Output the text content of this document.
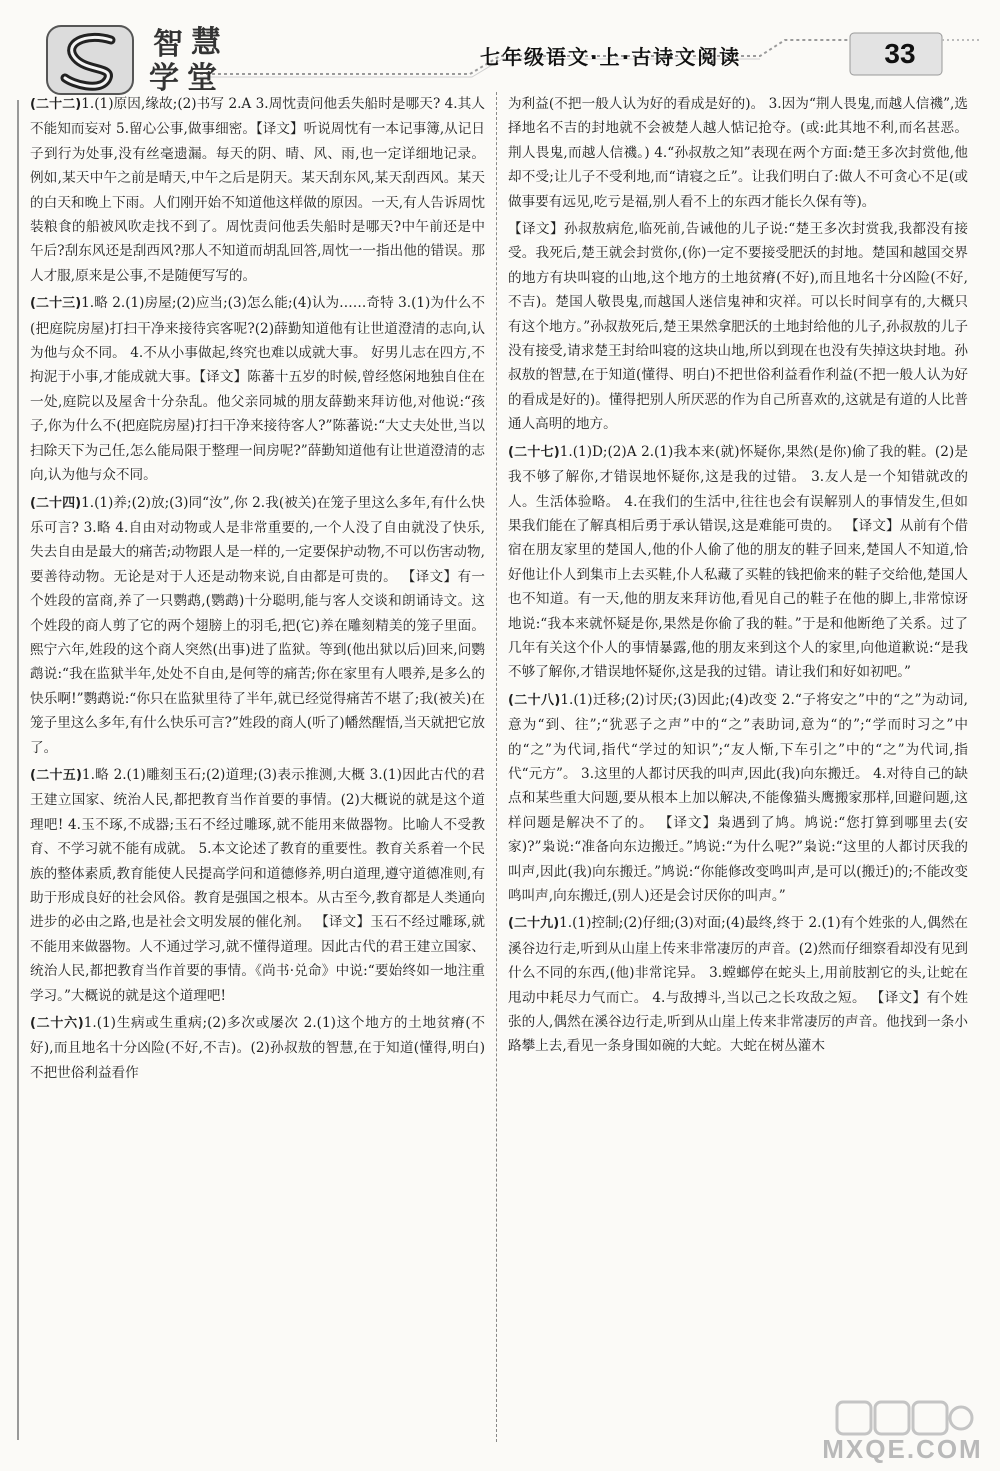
智 慧
学 堂
七年级语文·上·古诗文阅读	33

(二十二)1.(1)原因,缘故;(2)书写 2.A 3.周忱责问他丢失船时是哪天? 4.其人不能知而妄对 5.留心公事,做事细密。【译文】听说周忱有一本记事簿,从记日子到行为处事,没有丝毫遗漏。每天的阴、晴、风、雨,也一定详细地记录。例如,某天中午之前是晴天,中午之后是阴天。某天刮东风,某天刮西风。某天的白天和晚上下雨。人们刚开始不知道他这样做的原因。一天,有人告诉周忱装粮食的船被风吹走找不到了。周忱责问他丢失船时是哪天?中午前还是中午后?刮东风还是刮西风?那人不知道而胡乱回答,周忱一一指出他的错误。那人才服,原来是公事,不是随便写写的。

(二十三)1.略 2.(1)房屋;(2)应当;(3)怎么能;(4)认为……奇特 3.(1)为什么不(把庭院房屋)打扫干净来接待宾客呢?(2)薛勤知道他有让世道澄清的志向,认为他与众不同。 4.不从小事做起,终究也难以成就大事。 好男儿志在四方,不拘泥于小事,才能成就大事。【译文】陈蕃十五岁的时候,曾经悠闲地独自住在一处,庭院以及屋舍十分杂乱。他父亲同城的朋友薛勤来拜访他,对他说:“孩子,你为什么不(把庭院房屋)打扫干净来接待客人?”陈蕃说:“大丈夫处世,当以扫除天下为己任,怎么能局限于整理一间房呢?”薛勤知道他有让世道澄清的志向,认为他与众不同。

(二十四)1.(1)养;(2)放;(3)同“汝”,你 2.我(被关)在笼子里这么多年,有什么快乐可言? 3.略 4.自由对动物或人是非常重要的,一个人没了自由就没了快乐,失去自由是最大的痛苦;动物跟人是一样的,一定要保护动物,不可以伤害动物,要善待动物。无论是对于人还是动物来说,自由都是可贵的。 【译文】有一个姓段的富商,养了一只鹦鹉,(鹦鹉)十分聪明,能与客人交谈和朗诵诗文。这个姓段的商人剪了它的两个翅膀上的羽毛,把(它)养在雕刻精美的笼子里面。熙宁六年,姓段的这个商人突然(出事)进了监狱。等到(他出狱以后)回来,问鹦鹉说:“我在监狱半年,处处不自由,是何等的痛苦;你在家里有人喂养,是多么的快乐啊!”鹦鹉说:“你只在监狱里待了半年,就已经觉得痛苦不堪了;我(被关)在笼子里这么多年,有什么快乐可言?”姓段的商人(听了)幡然醒悟,当天就把它放了。

(二十五)1.略 2.(1)雕刻玉石;(2)道理;(3)表示推测,大概 3.(1)因此古代的君王建立国家、统治人民,都把教育当作首要的事情。(2)大概说的就是这个道理吧! 4.玉不琢,不成器;玉石不经过雕琢,就不能用来做器物。比喻人不受教育、不学习就不能有成就。 5.本文论述了教育的重要性。教育关系着一个民族的整体素质,教育能使人民提高学问和道德修养,明白道理,遵守道德准则,有助于形成良好的社会风俗。教育是强国之根本。从古至今,教育都是人类通向进步的必由之路,也是社会文明发展的催化剂。 【译文】玉石不经过雕琢,就不能用来做器物。人不通过学习,就不懂得道理。因此古代的君王建立国家、统治人民,都把教育当作首要的事情。《尚书·兑命》中说:“要始终如一地注重学习。”大概说的就是这个道理吧!

(二十六)1.(1)生病或生重病;(2)多次或屡次 2.(1)这个地方的土地贫瘠(不好),而且地名十分凶险(不好,不吉)。(2)孙叔敖的智慧,在于知道(懂得,明白)不把世俗利益看作

为利益(不把一般人认为好的看成是好的)。 3.因为“荆人畏鬼,而越人信禨”,选择地名不吉的封地就不会被楚人越人惦记抢夺。(或:此其地不利,而名甚恶。荆人畏鬼,而越人信禨。) 4.“孙叔敖之知”表现在两个方面:楚王多次封赏他,他却不受;让儿子不受利地,而“请寝之丘”。让我们明白了:做人不可贪心不足(或做事要有远见,吃亏是福,别人看不上的东西才能长久保有等)。

【译文】孙叔敖病危,临死前,告诫他的儿子说:“楚王多次封赏我,我都没有接受。我死后,楚王就会封赏你,(你)一定不要接受肥沃的封地。楚国和越国交界的地方有块叫寝的山地,这个地方的土地贫瘠(不好),而且地名十分凶险(不好,不吉)。楚国人敬畏鬼,而越国人迷信鬼神和灾祥。可以长时间享有的,大概只有这个地方。”孙叔敖死后,楚王果然拿肥沃的土地封给他的儿子,孙叔敖的儿子没有接受,请求楚王封给叫寝的这块山地,所以到现在也没有失掉这块封地。孙叔敖的智慧,在于知道(懂得、明白)不把世俗利益看作利益(不把一般人认为好的看成是好的)。懂得把别人所厌恶的作为自己所喜欢的,这就是有道的人比普通人高明的地方。

(二十七)1.(1)D;(2)A 2.(1)我本来(就)怀疑你,果然(是你)偷了我的鞋。(2)是我不够了解你,才错误地怀疑你,这是我的过错。 3.友人是一个知错就改的人。生活体验略。 4.在我们的生活中,往往也会有误解别人的事情发生,但如果我们能在了解真相后勇于承认错误,这是难能可贵的。 【译文】从前有个借宿在朋友家里的楚国人,他的仆人偷了他的朋友的鞋子回来,楚国人不知道,恰好他让仆人到集市上去买鞋,仆人私藏了买鞋的钱把偷来的鞋子交给他,楚国人也不知道。有一天,他的朋友来拜访他,看见自己的鞋子在他的脚上,非常惊讶地说:“我本来就怀疑是你,果然是你偷了我的鞋。”于是和他断绝了关系。过了几年有关这个仆人的事情暴露,他的朋友来到这个人的家里,向他道歉说:“是我不够了解你,才错误地怀疑你,这是我的过错。请让我们和好如初吧。”

(二十八)1.(1)迁移;(2)讨厌;(3)因此;(4)改变 2.“子将安之”中的“之”为动词,意为“到、往”;“犹恶子之声”中的“之”表助词,意为“的”;“学而时习之”中的“之”为代词,指代“学过的知识”;“友人惭,下车引之”中的“之”为代词,指代“元方”。 3.这里的人都讨厌我的叫声,因此(我)向东搬迁。 4.对待自己的缺点和某些重大问题,要从根本上加以解决,不能像猫头鹰搬家那样,回避问题,这样问题是解决不了的。 【译文】枭遇到了鸠。鸠说:“您打算到哪里去(安家)?”枭说:“准备向东边搬迁。”鸠说:“为什么呢?”枭说:“这里的人都讨厌我的叫声,因此(我)向东搬迁。”鸠说:“你能修改变鸣叫声,是可以(搬迁)的;不能改变鸣叫声,向东搬迁,(别人)还是会讨厌你的叫声。”

(二十九)1.(1)控制;(2)仔细;(3)对面;(4)最终,终于 2.(1)有个姓张的人,偶然在溪谷边行走,听到从山崖上传来非常凄厉的声音。(2)然而仔细察看却没有见到什么不同的东西,(他)非常诧异。 3.螳螂停在蛇头上,用前肢割它的头,让蛇在甩动中耗尽力气而亡。 4.与敌搏斗,当以己之长攻敌之短。 【译文】有个姓张的人,偶然在溪谷边行走,听到从山崖上传来非常凄厉的声音。他找到一条小路攀上去,看见一条身围如碗的大蛇。大蛇在树丛灌木

MXQE.COM
